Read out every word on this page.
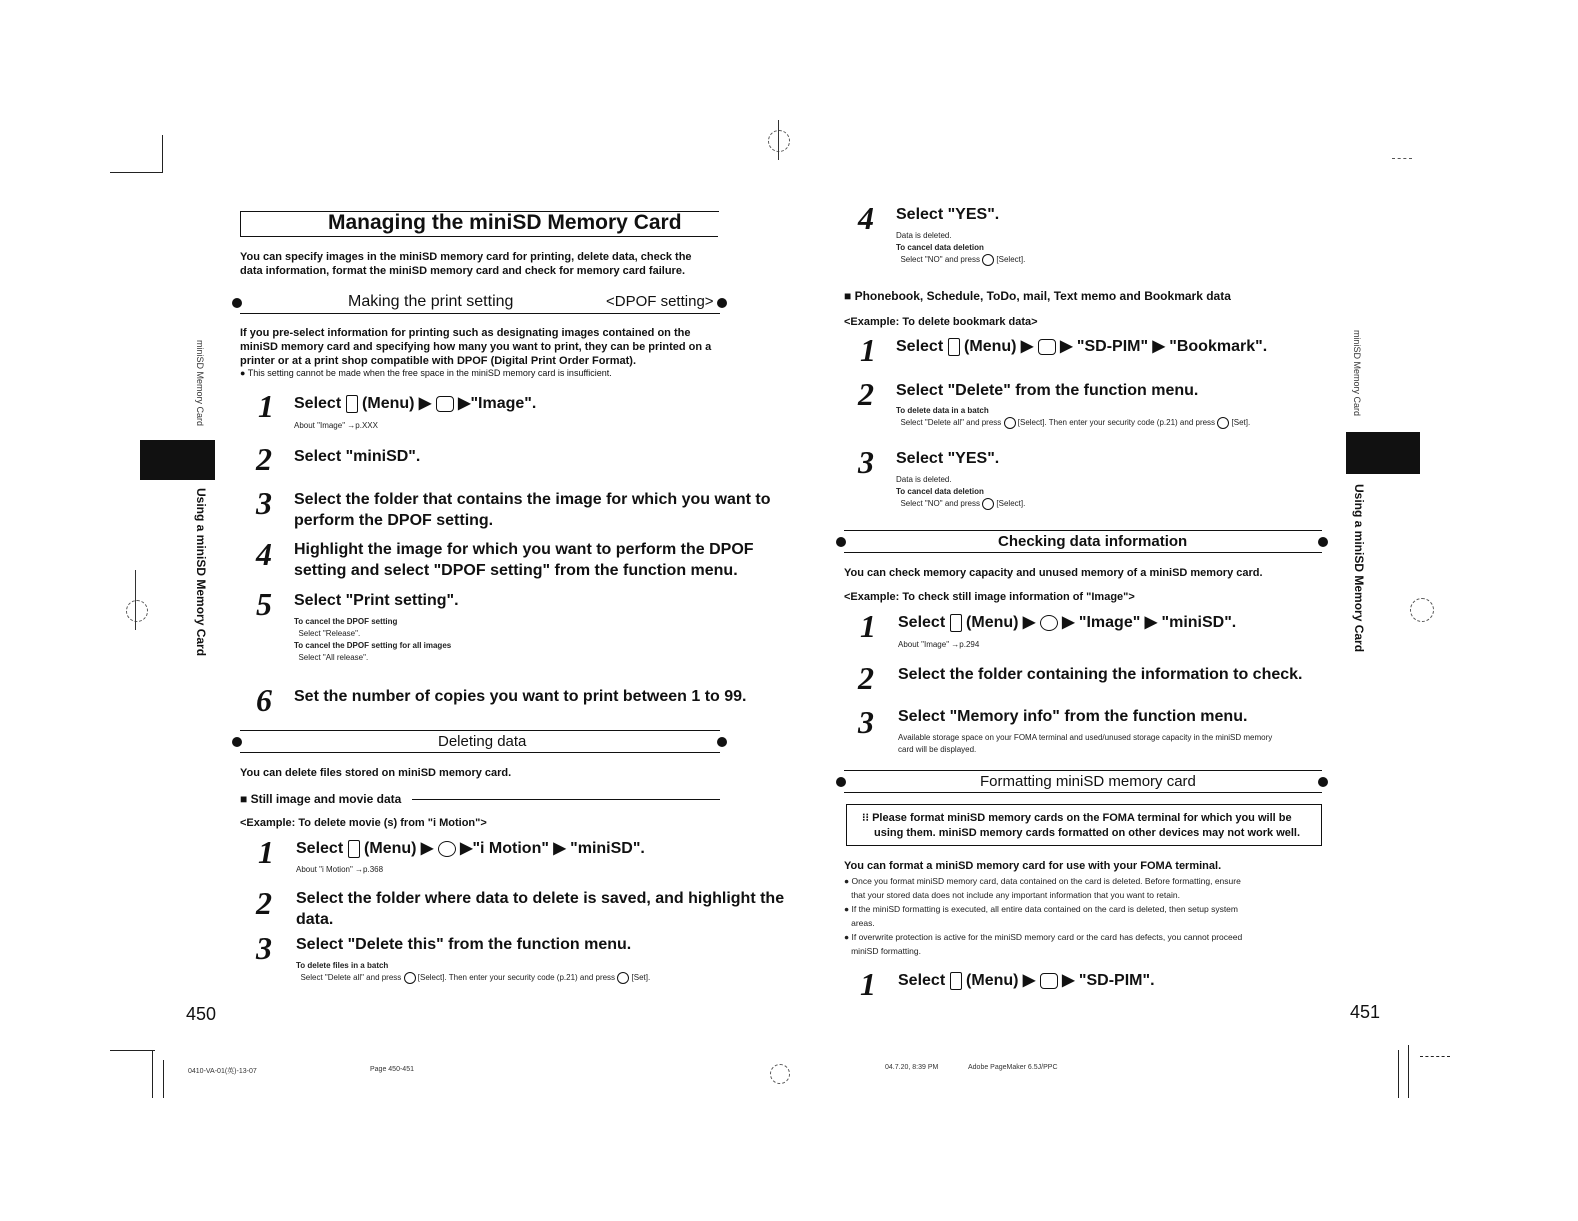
miniSD Memory Card
Using a miniSD Memory Card
Managing the miniSD Memory Card
You can specify images in the miniSD memory card for printing, delete data, check the
data information, format the miniSD memory card and check for memory card failure.
Making the print setting	<DPOF setting>
If you pre-select information for printing such as designating images contained on the
miniSD memory card and specifying how many you want to print, they can be printed on a
printer or at a print shop compatible with DPOF (Digital Print Order Format).
● This setting cannot be made when the free space in the miniSD memory card is insufficient.
1 Select (Menu) ▶  ▶"Image".
About "Image" →p.XXX
2 Select "miniSD".
3 Select the folder that contains the image for which you want to
perform the DPOF setting.
4 Highlight the image for which you want to perform the DPOF
setting and select "DPOF setting" from the function menu.
5 Select "Print setting".
To cancel the DPOF setting
Select "Release".
To cancel the DPOF setting for all images
Select "All release".
6 Set the number of copies you want to print between 1 to 99.
Deleting data
You can delete files stored on miniSD memory card.
■ Still image and movie data
<Example: To delete movie (s) from "i Motion">
1 Select (Menu) ▶  ▶"i Motion" ▶ "miniSD".
About "i Motion" →p.368
2 Select the folder where data to delete is saved, and highlight the
data.
3 Select "Delete this" from the function menu.
To delete files in a batch
Select "Delete all" and press [Select]. Then enter your security code (p.21) and press [Set].
450
0410-VA-01(英)-13-07	Page 450-451
4 Select "YES".
Data is deleted.
To cancel data deletion
Select "NO" and press [Select].
■ Phonebook, Schedule, ToDo, mail, Text memo and Bookmark data
<Example: To delete bookmark data>
1 Select (Menu) ▶  ▶ "SD-PIM" ▶ "Bookmark".
2 Select "Delete" from the function menu.
To delete data in a batch
Select "Delete all" and press [Select]. Then enter your security code (p.21) and press [Set].
3 Select "YES".
Data is deleted.
To cancel data deletion
Select "NO" and press [Select].
Checking data information
You can check memory capacity and unused memory of a miniSD memory card.
<Example: To check still image information of "Image">
1 Select (Menu) ▶  ▶ "Image" ▶ "miniSD".
About "Image" →p.294
2 Select the folder containing the information to check.
3 Select "Memory info" from the function menu.
Available storage space on your FOMA terminal and used/unused storage capacity in the miniSD memory
card will be displayed.
Formatting miniSD memory card
⁝⁝ Please format miniSD memory cards on the FOMA terminal for which you will be
using them. miniSD memory cards formatted on other devices may not work well.
You can format a miniSD memory card for use with your FOMA terminal.
● Once you format miniSD memory card, data contained on the card is deleted. Before formatting, ensure
that your stored data does not include any important information that you want to retain.
● If the miniSD formatting is executed, all entire data contained on the card is deleted, then setup system
areas.
● If overwrite protection is active for the miniSD memory card or the card has defects, you cannot proceed
miniSD formatting.
1 Select (Menu) ▶  ▶ "SD-PIM".
451
04.7.20, 8:39 PM	Adobe PageMaker 6.5J/PPC
miniSD Memory Card
Using a miniSD Memory Card
